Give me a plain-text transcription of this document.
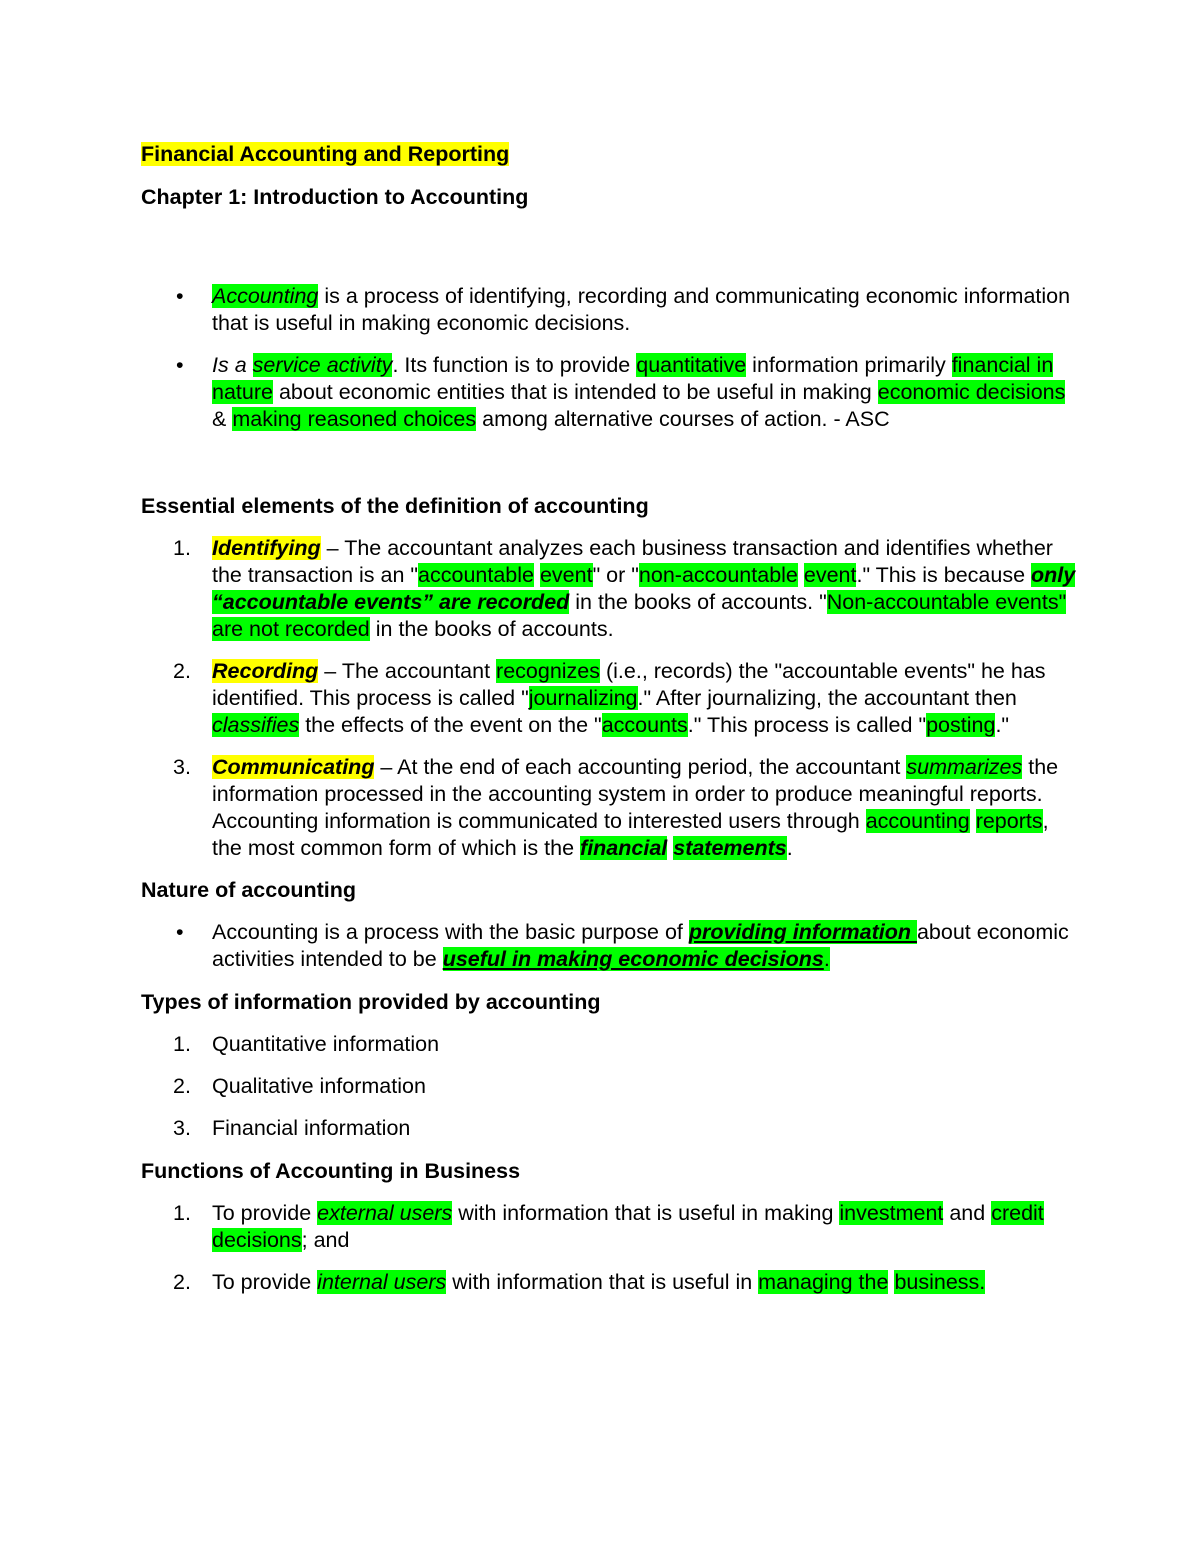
Financial Accounting and Reporting
Chapter 1: Introduction to Accounting
• Accounting is a process of identifying, recording and communicating economic information that is useful in making economic decisions.
• Is a service activity. Its function is to provide quantitative information primarily financial in nature about economic entities that is intended to be useful in making economic decisions & making reasoned choices among alternative courses of action. - ASC
Essential elements of the definition of accounting
1. Identifying – The accountant analyzes each business transaction and identifies whether the transaction is an "accountable event" or "non-accountable event." This is because only “accountable events” are recorded in the books of accounts. "Non-accountable events" are not recorded in the books of accounts.
2. Recording – The accountant recognizes (i.e., records) the "accountable events" he has identified. This process is called "journalizing." After journalizing, the accountant then classifies the effects of the event on the "accounts." This process is called "posting."
3. Communicating – At the end of each accounting period, the accountant summarizes the information processed in the accounting system in order to produce meaningful reports. Accounting information is communicated to interested users through accounting reports, the most common form of which is the financial statements.
Nature of accounting
• Accounting is a process with the basic purpose of providing information about economic activities intended to be useful in making economic decisions.
Types of information provided by accounting
1. Quantitative information
2. Qualitative information
3. Financial information
Functions of Accounting in Business
1. To provide external users with information that is useful in making investment and credit decisions; and
2. To provide internal users with information that is useful in managing the business.
